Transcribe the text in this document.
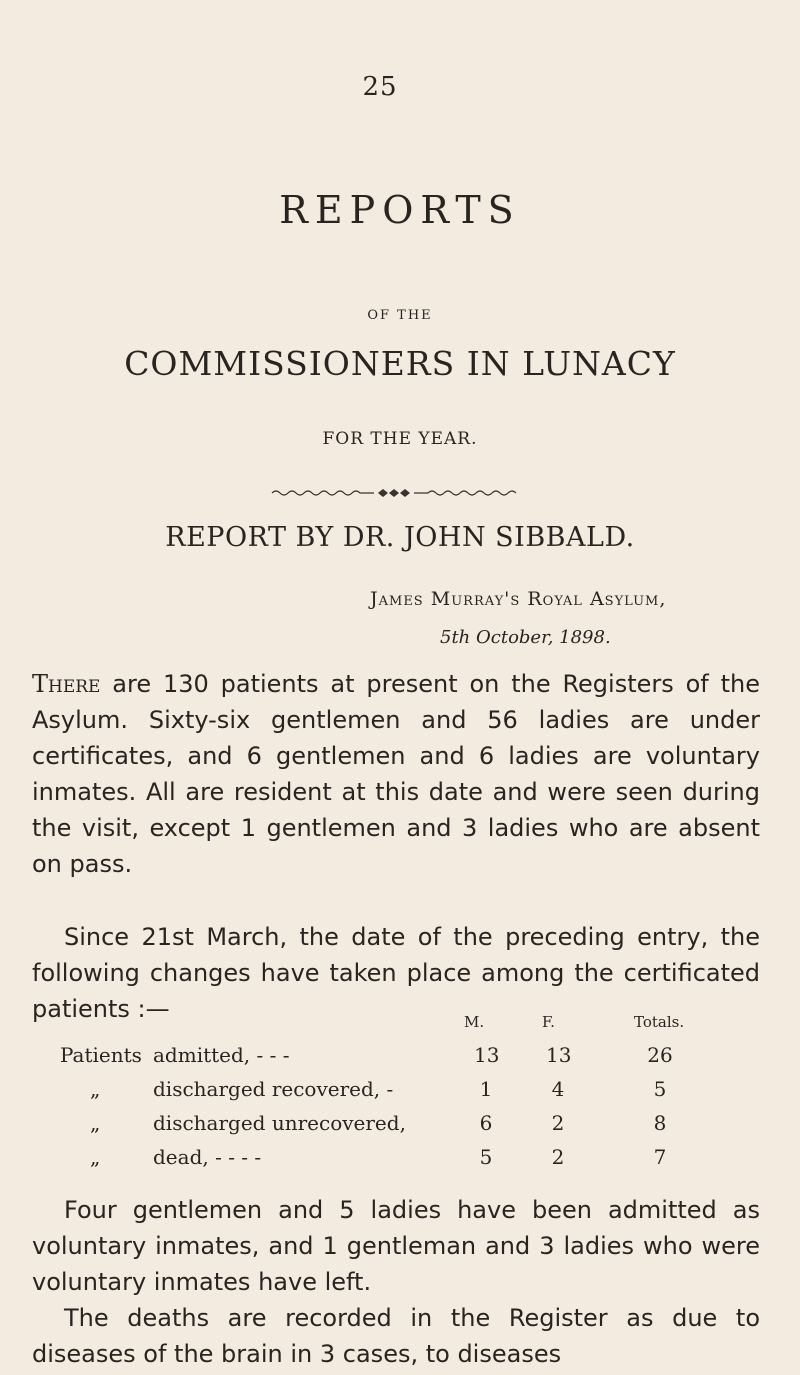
25
REPORTS
OF THE
COMMISSIONERS IN LUNACY
FOR THE YEAR.
REPORT BY DR. JOHN SIBBALD.
James Murray's Royal Asylum,
5th October, 1898.
There are 130 patients at present on the Registers of the Asylum. Sixty-six gentlemen and 56 ladies are under certificates, and 6 gentlemen and 6 ladies are voluntary inmates. All are resident at this date and were seen during the visit, except 1 gentlemen and 3 ladies who are absent on pass.
Since 21st March, the date of the preceding entry, the following changes have taken place among the certificated patients :—	M.	F.	Totals.
Patients admitted, - - -	13 13	26
„	discharged recovered, -	1	4	5
„	discharged unrecovered,	6	2	8
„	dead, - - - -	5	2	7
Four gentlemen and 5 ladies have been admitted as voluntary inmates, and 1 gentleman and 3 ladies who were voluntary inmates have left.
The deaths are recorded in the Register as due to diseases of the brain in 3 cases, to diseases
